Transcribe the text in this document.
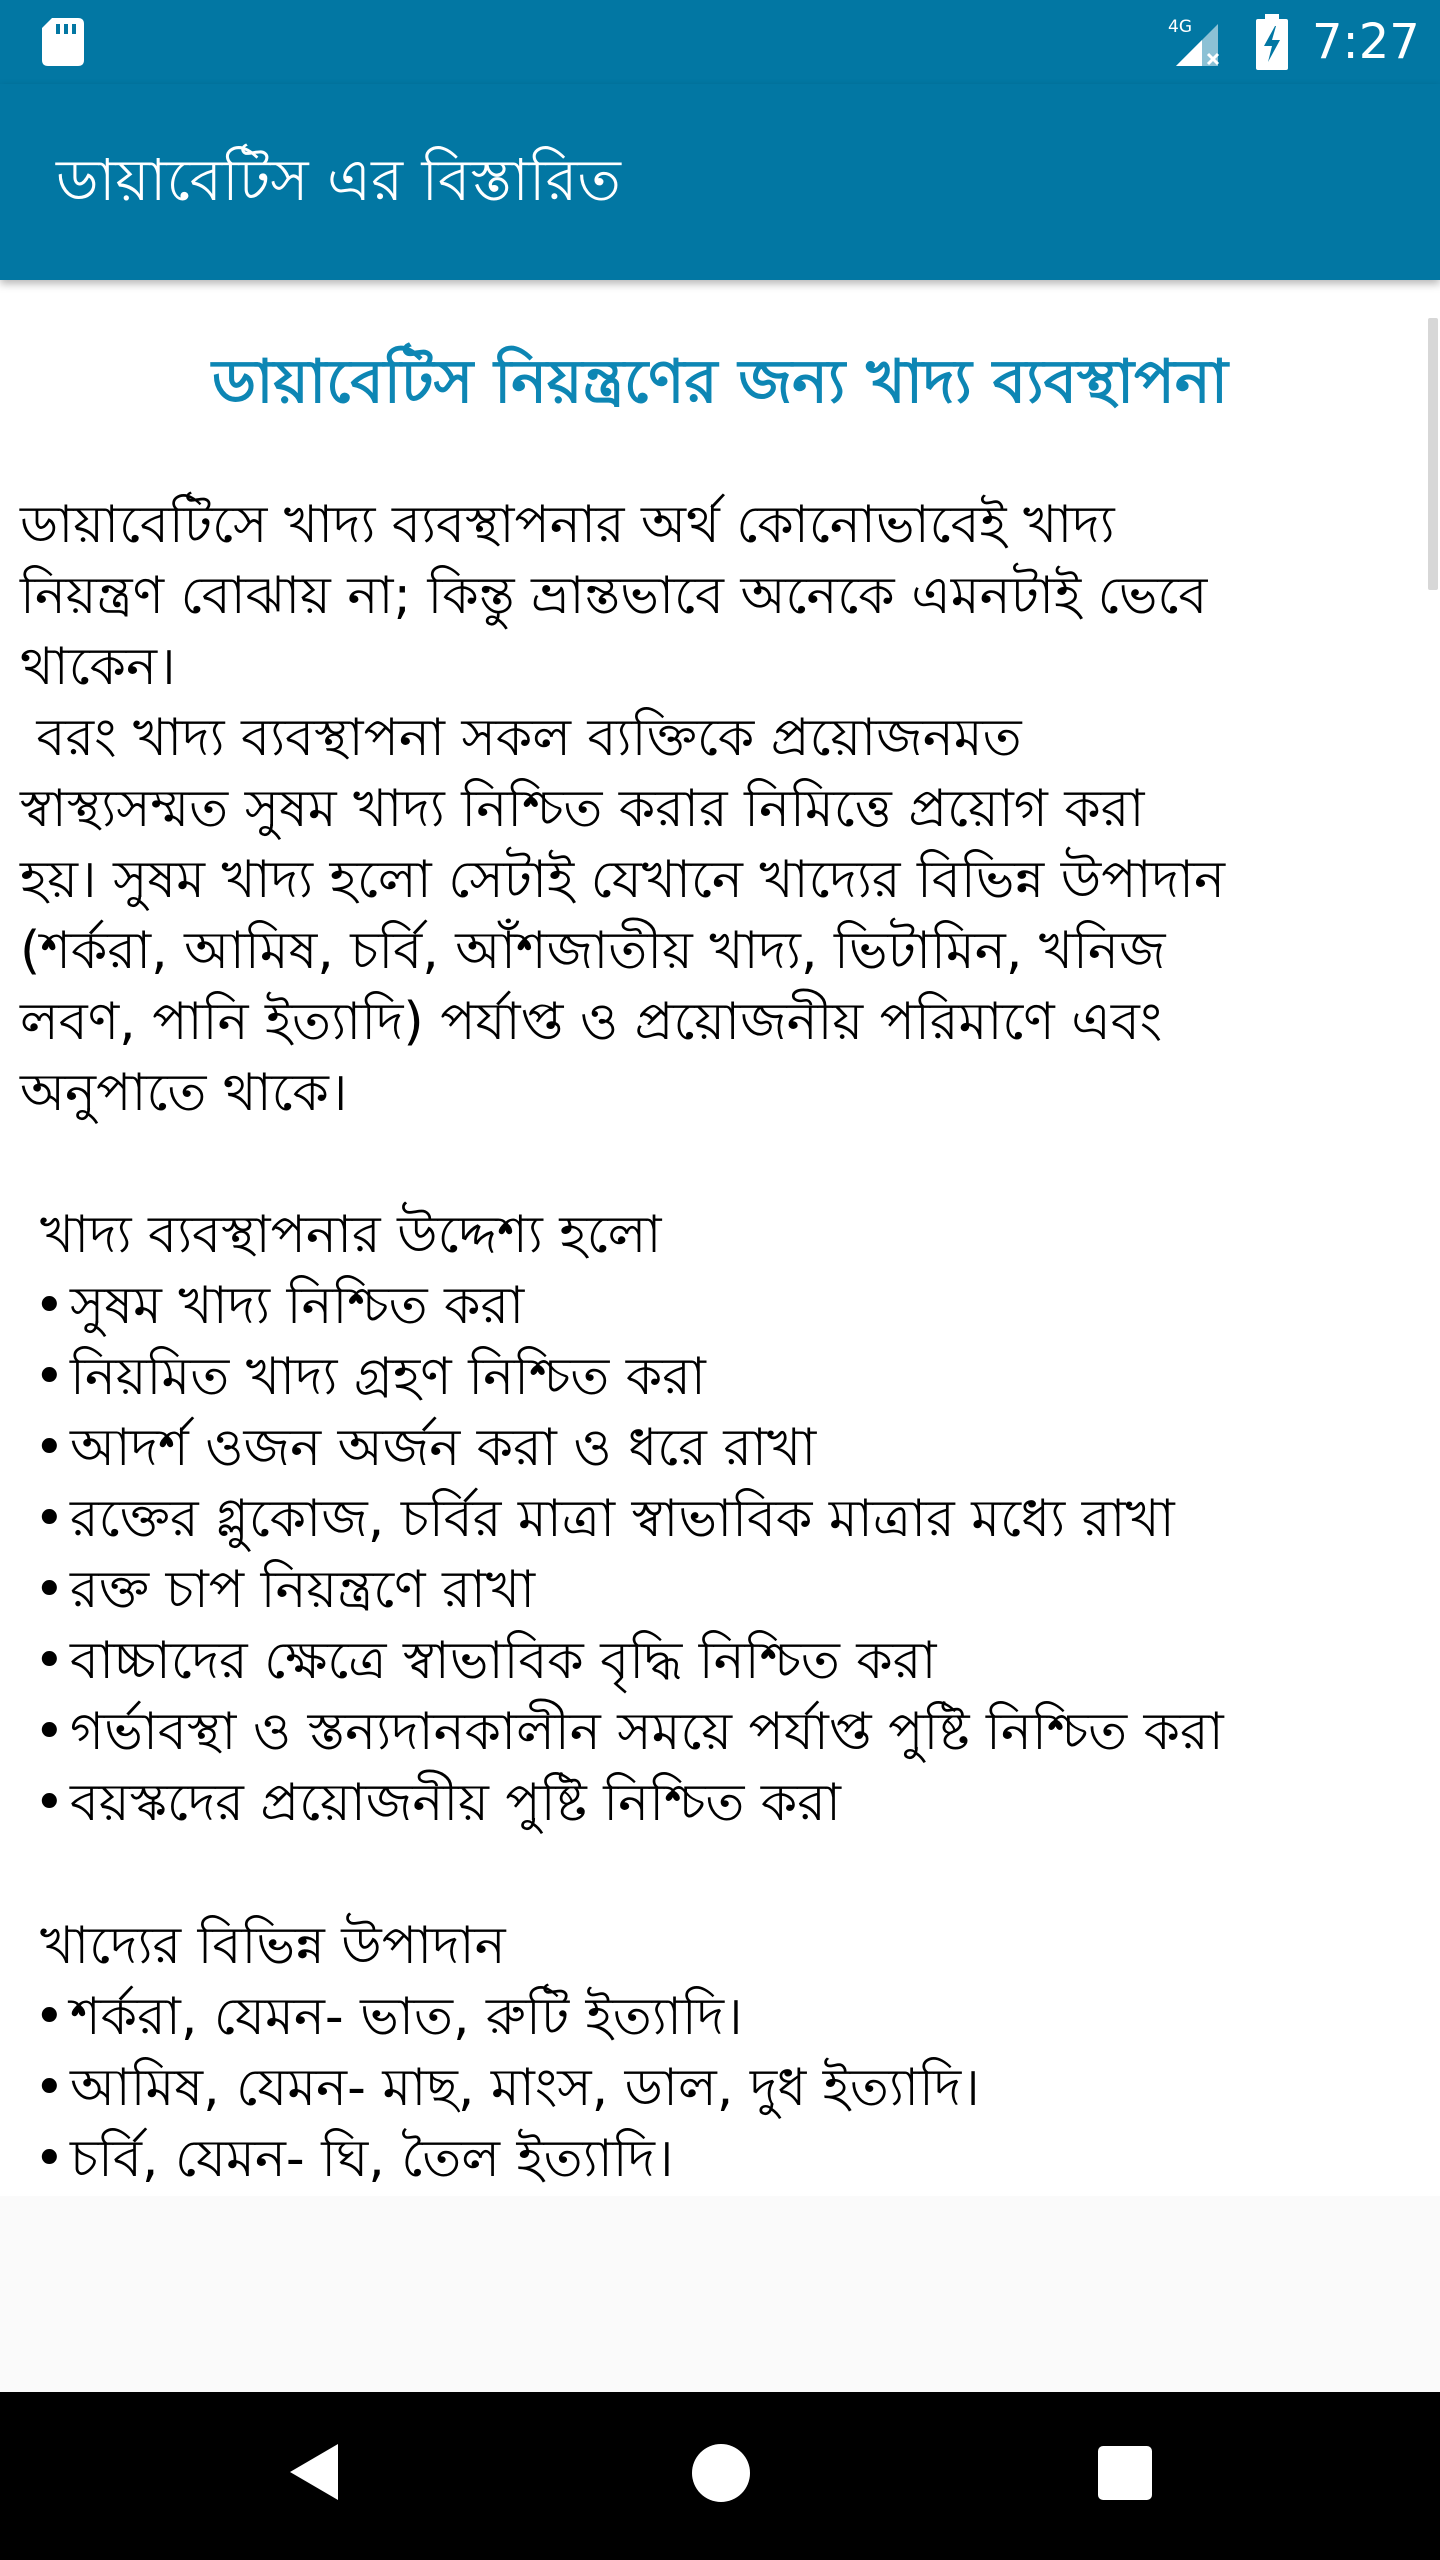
4G	7:27
ডায়াবেটিস এর বিস্তারিত
ডায়াবেটিস নিয়ন্ত্রণের জন্য খাদ্য ব্যবস্থাপনা
ডায়াবেটিসে খাদ্য ব্যবস্থাপনার অর্থ কোনোভাবেই খাদ্য
নিয়ন্ত্রণ বোঝায় না; কিন্তু ভ্রান্তভাবে অনেকে এমনটাই ভেবে
থাকেন।
বরং খাদ্য ব্যবস্থাপনা সকল ব্যক্তিকে প্রয়োজনমত
স্বাস্থ্যসম্মত সুষম খাদ্য নিশ্চিত করার নিমিত্তে প্রয়োগ করা
হয়। সুষম খাদ্য হলো সেটাই যেখানে খাদ্যের বিভিন্ন উপাদান
(শর্করা, আমিষ, চর্বি, আঁশজাতীয় খাদ্য, ভিটামিন, খনিজ
লবণ, পানি ইত্যাদি) পর্যাপ্ত ও প্রয়োজনীয় পরিমাণে এবং
অনুপাতে থাকে।
খাদ্য ব্যবস্থাপনার উদ্দেশ্য হলো
• সুষম খাদ্য নিশ্চিত করা
• নিয়মিত খাদ্য গ্রহণ নিশ্চিত করা
• আদর্শ ওজন অর্জন করা ও ধরে রাখা
• রক্তের গ্লুকোজ, চর্বির মাত্রা স্বাভাবিক মাত্রার মধ্যে রাখা
• রক্ত চাপ নিয়ন্ত্রণে রাখা
• বাচ্চাদের ক্ষেত্রে স্বাভাবিক বৃদ্ধি নিশ্চিত করা
• গর্ভাবস্থা ও স্তন্যদানকালীন সময়ে পর্যাপ্ত পুষ্টি নিশ্চিত করা
• বয়স্কদের প্রয়োজনীয় পুষ্টি নিশ্চিত করা
খাদ্যের বিভিন্ন উপাদান
• শর্করা, যেমন- ভাত, রুটি ইত্যাদি।
• আমিষ, যেমন- মাছ, মাংস, ডাল, দুধ ইত্যাদি।
• চর্বি, যেমন- ঘি, তৈল ইত্যাদি।
